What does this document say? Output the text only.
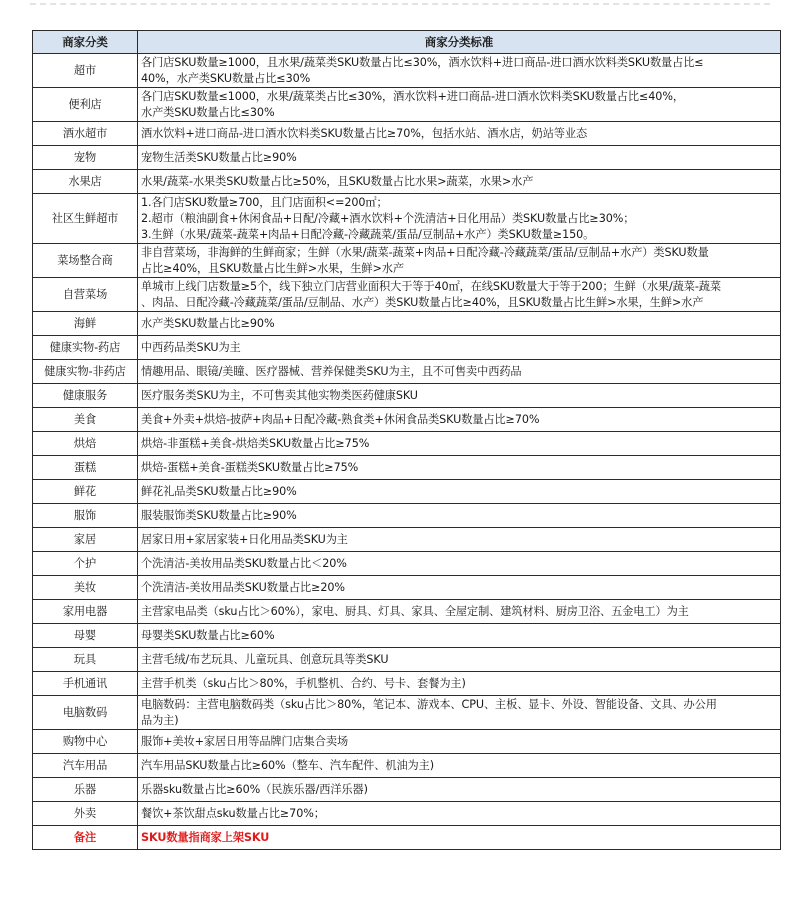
商家分类	商家分类标准
超市	各门店SKU数量≥1000，且水果/蔬菜类SKU数量占比≤30%，酒水饮料+进口商品-进口酒水饮料类SKU数量占比≤
40%，水产类SKU数量占比≤30%

便利店	各门店SKU数量≤1000，水果/蔬菜类占比≤30%，酒水饮料+进口商品-进口酒水饮料类SKU数量占比≤40%，
水产类SKU数量占比≤30%

酒水超市	酒水饮料+进口商品-进口酒水饮料类SKU数量占比≥70%，包括水站、酒水店，奶站等业态

宠物	宠物生活类SKU数量占比≥90%

水果店	水果/蔬菜-水果类SKU数量占比≥50%，且SKU数量占比水果>蔬菜，水果>水产

社区生鲜超市	1.各门店SKU数量≥700，且门店面积<=200㎡；
2.超市（粮油副食+休闲食品+日配/冷藏+酒水饮料+个洗清洁+日化用品）类SKU数量占比≥30%；
3.生鲜（水果/蔬菜-蔬菜+肉品+日配冷藏-冷藏蔬菜/蛋品/豆制品+水产）类SKU数量≥150。

菜场整合商	非自营菜场，非海鲜的生鲜商家；生鲜（水果/蔬菜-蔬菜+肉品+日配冷藏-冷藏蔬菜/蛋品/豆制品+水产）类SKU数量
占比≥40%，且SKU数量占比生鲜>水果，生鲜>水产

自营菜场	单城市上线门店数量≥5个，线下独立门店营业面积大于等于40㎡，在线SKU数量大于等于200；生鲜（水果/蔬菜-蔬菜
、肉品、日配冷藏-冷藏蔬菜/蛋品/豆制品、水产）类SKU数量占比≥40%，且SKU数量占比生鲜>水果，生鲜>水产

海鲜	水产类SKU数量占比≥90%

健康实物-药店	中西药品类SKU为主

健康实物-非药店	情趣用品、眼镜/美瞳、医疗器械、营养保健类SKU为主，且不可售卖中西药品

健康服务	医疗服务类SKU为主，不可售卖其他实物类医药健康SKU

美食	美食+外卖+烘焙-披萨+肉品+日配冷藏-熟食类+休闲食品类SKU数量占比≥70%

烘焙	烘焙-非蛋糕+美食-烘焙类SKU数量占比≥75%

蛋糕	烘焙-蛋糕+美食-蛋糕类SKU数量占比≥75%

鲜花	鲜花礼品类SKU数量占比≥90%

服饰	服装服饰类SKU数量占比≥90%

家居	居家日用+家居家装+日化用品类SKU为主

个护	个洗清洁-美妆用品类SKU数量占比＜20%

美妆	个洗清洁-美妆用品类SKU数量占比≥20%

家用电器	主营家电品类（sku占比＞60%），家电、厨具、灯具、家具、全屋定制、建筑材料、厨房卫浴、五金电工）为主

母婴	母婴类SKU数量占比≥60%

玩具	主营毛绒/布艺玩具、儿童玩具、创意玩具等类SKU

手机通讯	主营手机类（sku占比＞80%，手机整机、合约、号卡、套餐为主)

电脑数码	电脑数码：主营电脑数码类（sku占比＞80%，笔记本、游戏本、CPU、主板、显卡、外设、智能设备、文具、办公用
品为主)

购物中心	服饰+美妆+家居日用等品牌门店集合卖场

汽车用品	汽车用品SKU数量占比≥60%（整车、汽车配件、机油为主)

乐器	乐器sku数量占比≥60%（民族乐器/西洋乐器)

外卖	餐饮+茶饮甜点sku数量占比≥70%；

备注	SKU数量指商家上架SKU
